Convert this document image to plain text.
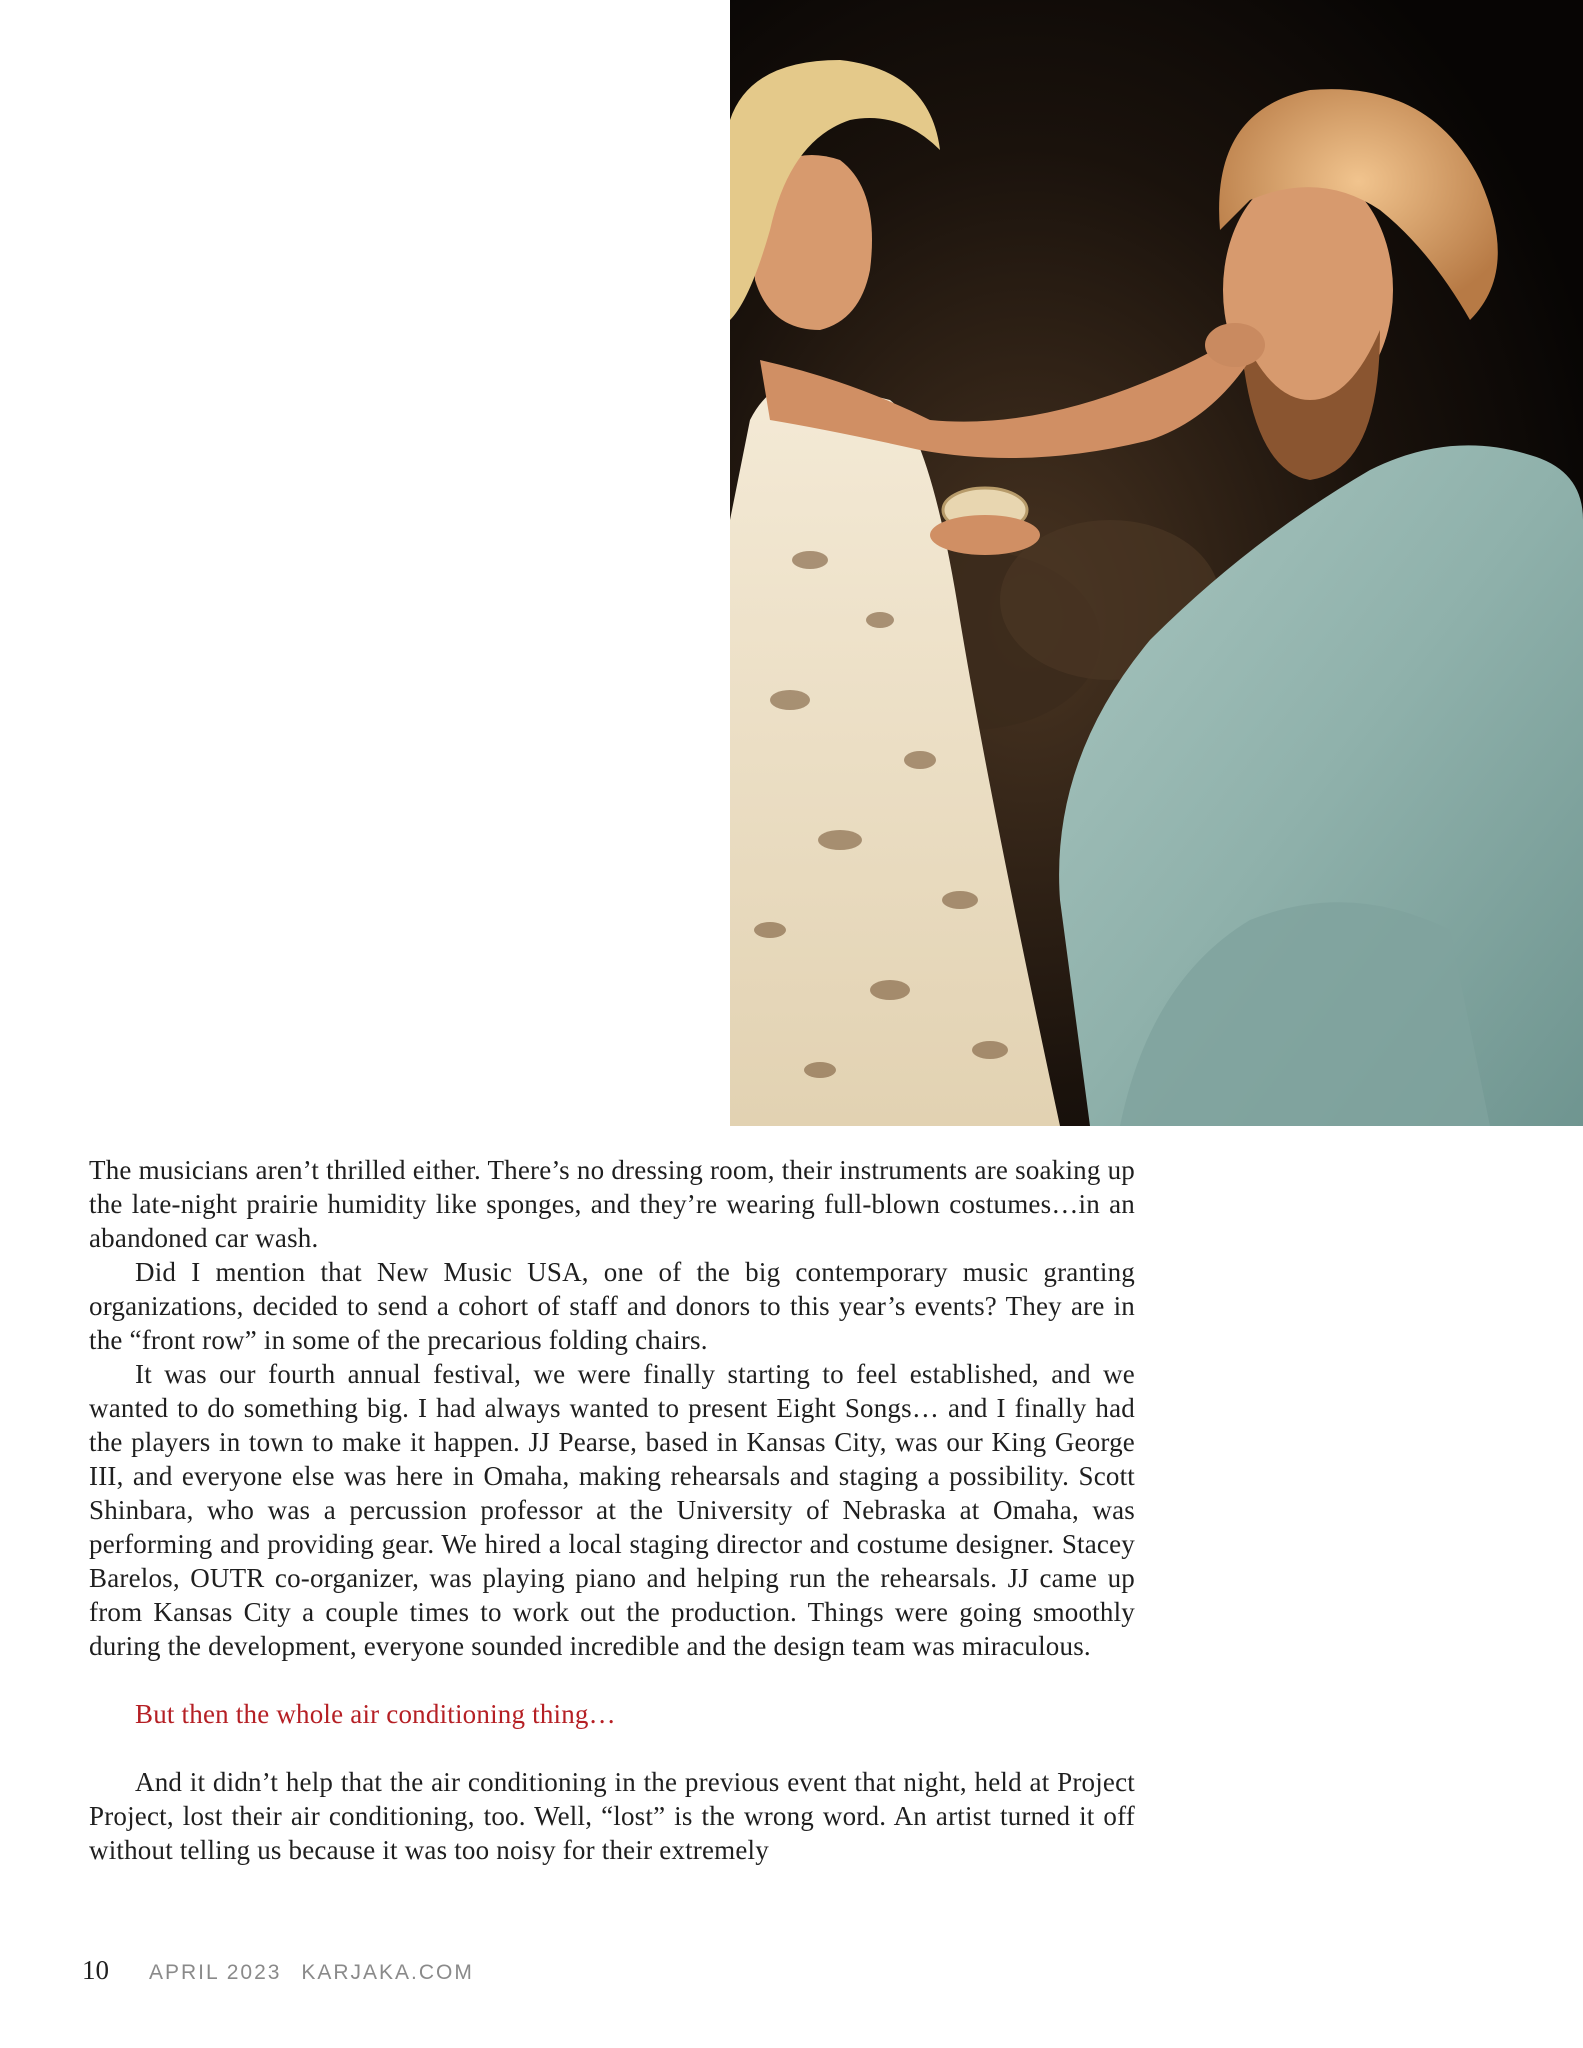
The musicians aren’t thrilled either. There’s no dressing room, their instruments are soaking up the late-night prairie humidity like sponges, and they’re wearing full-blown costumes…in an abandoned car wash.

Did I mention that New Music USA, one of the big contemporary music granting organizations, decided to send a cohort of staff and donors to this year’s events? They are in the “front row” in some of the precarious folding chairs.

It was our fourth annual festival, we were finally starting to feel established, and we wanted to do something big. I had always wanted to present Eight Songs… and I finally had the players in town to make it happen. JJ Pearse, based in Kansas City, was our King George III, and everyone else was here in Omaha, making rehearsals and staging a possibility. Scott Shinbara, who was a percussion professor at the University of Nebraska at Omaha, was performing and providing gear. We hired a local staging director and costume designer. Stacey Barelos, OUTR co-organizer, was playing piano and helping run the rehearsals. JJ came up from Kansas City a couple times to work out the production. Things were going smoothly during the development, everyone sounded incredible and the design team was miraculous.

But then the whole air conditioning thing…

And it didn’t help that the air conditioning in the previous event that night, held at Project Project, lost their air conditioning, too. Well, “lost” is the wrong word. An artist turned it off without telling us because it was too noisy for their extremely

10 APRIL 2023 KARJAKA.COM
